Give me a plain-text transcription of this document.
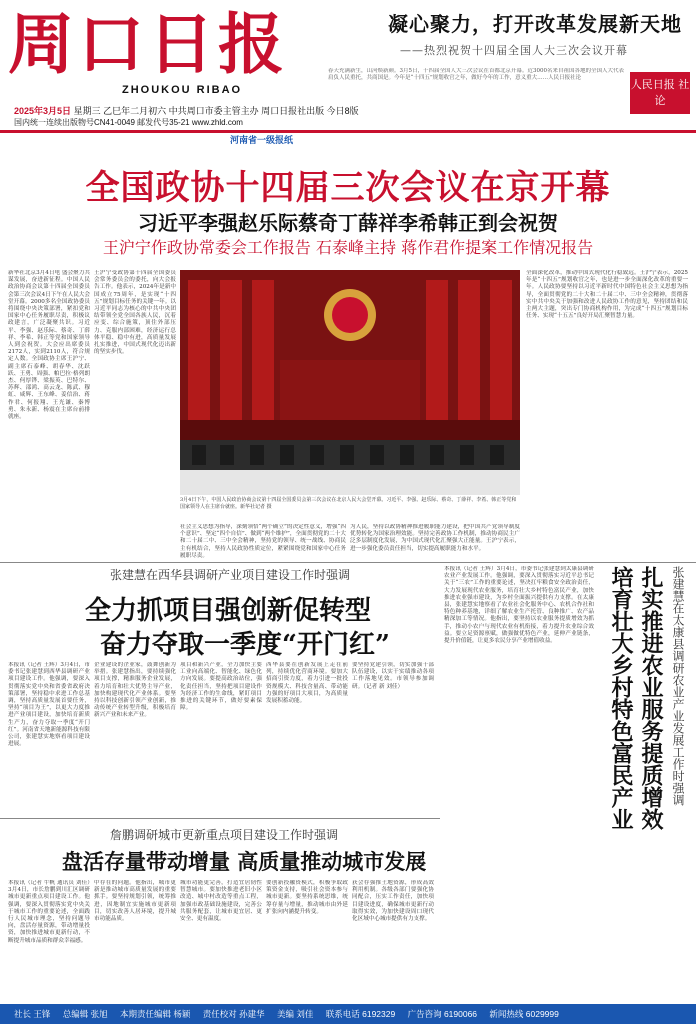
周口日报
ZHOUKOU RIBAO
凝心聚力，打开改革发展新天地
——热烈祝贺十四届全国人大三次会议开幕
春天充满新生，山河焕新颜。3月5日，十四届全国人大三次会议在首都北京开幕。近3000名来自祖国各地的全国人大代表肩负人民重托，共商国是。今年是“十四五”规划收官之年，做好今年的工作，意义重大……人民日报社论	人民日报 社论
2025年3月5日 星期三 乙巳年二月初六 中共周口市委主管主办 周口日报社出版 今日8版
国内统一连续出版物号CN41-0049 邮发代号35-21 www.zhld.com
河南省一级报纸
全国政协十四届三次会议在京开幕
习近平李强赵乐际蔡奇丁薛祥李希韩正到会祝贺
王沪宁作政协常委会工作报告 石泰峰主持 蒋作君作提案工作情况报告
新华社北京3月4日电 盛会聚力共谋发展，奋进新征程。中国人民政治协商会议第十四届全国委员会第三次会议4日下午在人民大会堂开幕。2000多名全国政协委员将围绕中央决策部署，紧扣党和国家中心任务履职尽责，积极议政建言，广泛凝聚共识。习近平、李强、赵乐际、蔡奇、丁薛祥、李希、韩正等党和国家领导人到会祝贺。大会应出席委员2172人，实到2110人，符合规定人数。全国政协主席王沪宁、副主席石泰峰、胡春华、沈跃跃、王勇、周强、帕巴拉·格列朗杰、何厚铧、梁振英、巴特尔、苏辉、邵鸿、高云龙、陈武、穆虹、咸辉、王东峰、姜信治、蒋作君、何报翔、王光谦、秦博勇、朱永新、杨震在主席台前排就座。
王沪宁受政协第十四届全国委员会常务委员会的委托，向大会报告工作。他表示，2024年是新中国成立75周年，是实现“十四五”规划目标任务的关键一年。以习近平同志为核心的中共中央团结带领全党全国各族人民，沉着应变、综合施策，顶住外部压力、克服内部困难，经济运行总体平稳、稳中有进，高质量发展扎实推进，中国式现代化迈出新的坚实步伐。
全面深化改革，推动中国式现代化行稳致远。王沪宁表示，2025年是“十四五”规划收官之年，也是进一步全面深化改革的重要一年。人民政协要坚持以习近平新时代中国特色社会主义思想为指导，全面贯彻党的二十大和二十届二中、三中全会精神，贯彻落实中共中央关于加强和改进人民政协工作的意见，坚持团结和民主两大主题，突出专门协商机构作用，为完成“十四五”规划目标任务、实现“十五五”良好开局汇聚智慧力量。
社会主义思想为指导，深刻领悟“两个确立”的决定性意义，增强“四个意识”、坚定“四个自信”、做到“两个维护”，全面贯彻党的二十大和二十届二中、三中全会精神，坚持党的领导、统一战线、协商民主有机结合，坚持人民政协性质定位，紧紧围绕党和国家中心任务履职尽责。
为人民，坚持以政协精神推进履职能力建设，把中国共产党领导制度优势转化为国家治理效能。坚持完善政协工作机制，推动协商民主广泛多层制度化发展，为中国式现代化汇聚强大正能量。王沪宁表示，进一步强化委员责任担当，切实提高履职能力和水平。
3月4日下午，中国人民政治协商会议第十四届全国委员会第三次会议在北京人民大会堂开幕。习近平、李强、赵乐际、蔡奇、丁薛祥、李希、韩正等党和国家领导人在主席台就座。新华社记者 摄
张建慧在西华县调研产业项目建设工作时强调
全力抓项目强创新促转型
奋力夺取一季度“开门红”
本报讯（记者 王辉）3月4日，市委书记张建慧到西华县调研产业项目建设工作。他强调，要深入贯彻落实党中央和省委省政府决策部署，坚持稳中求进工作总基调，坚持高质量发展首要任务，坚持“项目为王”，以更大力度推进产业项目建设，加快培育新质生产力，奋力夺取一季度“开门红”。河南省天地新能源科技有限公司，张建慧实地察看项目建设进展。
企业建设的企业家，鼓舞创新为举措。张建慧指出，要持续强化项目支撑，精准服务企业发展，着力培育和壮大优势主导产业，加快构建现代化产业体系。要坚持以科技创新引领产业创新，推动传统产业转型升级，积极培育新兴产业和未来产业。
项目和新兴产业，全力加快主要工业向高端化、智能化、绿色化方向发展。要提高政治站位，强化责任担当，坚持把项目建设作为经济工作的生命线，紧盯项目推进的关键环节，做好要素保障。
西华县要在创新发展上走在前列，持续优化营商环境。要加大招商引资力度，着力引进一批投资规模大、科技含量高、带动能力强的好项目大项目，为高质量发展积蓄动能。
要坚持党建引领，切实加强干部队伍建设，以实干实绩推动各项工作落地见效。市领导参加调研。（记者 新 刘佳）
詹鹏调研城市更新重点项目建设工作时强调
盘活存量带动增量 高质量推动城市发展
本报讯（记者 牛帆 通讯员 刘佳）3月4日，市长詹鹏到川汇区调研城市更新重点项目建设工作。他强调，要深入贯彻落实党中央关于城市工作的重要论述，全面践行人民城市理念，坚持问题导向，盘活存量资源，带动增量投资，加快推进城市更新行动，不断提升城市品质和群众幸福感。
中存在的问题。他指出，城市更新是推动城市高质量发展的重要抓手。要坚持规划引领，统筹推进，因地制宜实施城市更新项目，切实改善人居环境，提升城市功能品质。
城市功能更完善，打造宜居韧性智慧城市。要加快推进老旧小区改造、城中村改造等重点工程，加强市政基础设施建设，完善公共服务配套，让城市更宜居、更安全、更有温度。
要创新投融资模式，积极争取政策资金支持，吸引社会资本参与城市更新。要坚持系统思维，统筹存量与增量，推动城市由外延扩张向内涵提升转变。
获会存强推土地资源，形成高效利用机制。各级各部门要强化协同配合，压实工作责任，加快项目建设进度，确保城市更新行动取得实效，为加快建设周口现代化区域中心城市提供有力支撑。
本报讯（记者 王辉）3月4日，市委书记张建慧到太康县调研农业产业发展工作。他强调，要深入贯彻落实习近平总书记关于“三农”工作的重要论述，坚决扛牢粮食安全政治责任，大力发展现代农业服务，培育壮大乡村特色富民产业，加快推进农业强市建设，为乡村全面振兴提供有力支撑。在太康县，张建慧实地察看了农业社会化服务中心、农机合作社和特色种养基地，详细了解农业生产托管、良种推广、农产品精深加工等情况。他指出，要坚持以农业服务提质增效为抓手，推动小农户与现代农业有机衔接，着力提升农业综合效益。要立足资源禀赋，做强做优特色产业，延伸产业链条，提升价值链，让更多农民分享产业增值收益。	扎实推进农业服务提质增效
培育壮大乡村特色富民产业	张建慧在太康县调研农业产业发展工作时强调
社长 王锋 总编辑 张旭 本期责任编辑 杨颖 责任校对 孙建华 美编 刘佳 联系电话 6192329 广告咨询 6190066 新闻热线 6029999
